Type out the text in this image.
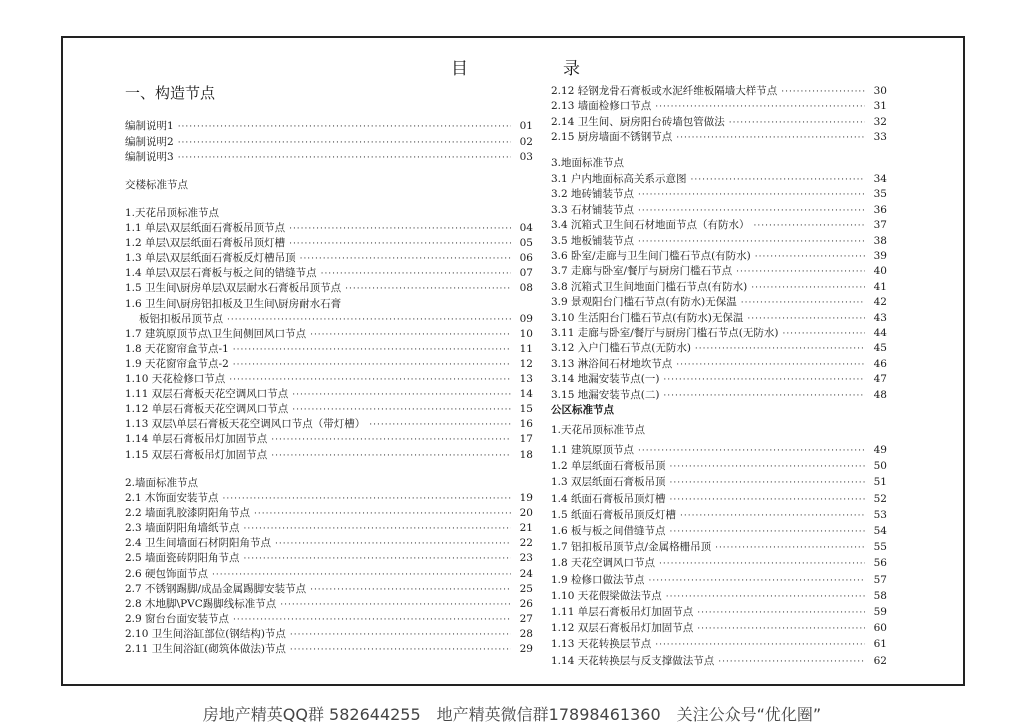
目	录
一、构造节点
编制说明1 ·····	01
编制说明2 ·····	02
编制说明3 ·····	03
交楼标准节点
1.天花吊顶标准节点
1.1 单层\双层纸面石膏板吊顶节点 ·····	04
1.2 单层\双层纸面石膏板吊顶灯槽 ·····	05
1.3 单层\双层纸面石膏板反灯槽吊顶 ·····	06
1.4 单层\双层石膏板与板之间的错缝节点 ·····	07
1.5 卫生间\厨房单层\双层耐水石膏板吊顶节点 ·····	08
1.6 卫生间\厨房铝扣板及卫生间\厨房耐水石膏
板铝扣板吊顶节点 ·····	09
1.7 建筑原顶节点\卫生间侧回风口节点 ·····	10
1.8 天花窗帘盒节点-1 ·····	11
1.9 天花窗帘盒节点-2 ·····	12
1.10 天花检修口节点 ·····	13
1.11 双层石膏板天花空调风口节点 ·····	14
1.12 单层石膏板天花空调风口节点 ·····	15
1.13 双层\单层石膏板天花空调风口节点（带灯槽） ·····	16
1.14 单层石膏板吊灯加固节点 ·····	17
1.15 双层石膏板吊灯加固节点 ·····	18
2.墙面标准节点
2.1 木饰面安装节点 ·····	19
2.2 墙面乳胶漆阴阳角节点 ·····	20
2.3 墙面阴阳角墙纸节点 ·····	21
2.4 卫生间墙面石材阴阳角节点 ·····	22
2.5 墙面瓷砖阴阳角节点 ·····	23
2.6 硬包饰面节点 ·····	24
2.7 不锈钢踢脚/成品金属踢脚安装节点 ·····	25
2.8 木地脚\PVC踢脚线标准节点 ·····	26
2.9 窗台台面安装节点 ·····	27
2.10 卫生间浴缸部位(钢结构)节点 ·····	28
2.11 卫生间浴缸(砌筑体做法)节点 ·····	29
2.12 轻钢龙骨石膏板或水泥纤维板隔墙大样节点 ·····	30
2.13 墙面检修口节点 ·····	31
2.14 卫生间、厨房阳台砖墙包管做法 ·····	32
2.15 厨房墙面不锈钢节点 ·····	33
3.地面标准节点
3.1 户内地面标高关系示意图 ·····	34
3.2 地砖铺装节点 ·····	35
3.3 石材铺装节点 ·····	36
3.4 沉箱式卫生间石材地面节点（有防水） ·····	37
3.5 地板铺装节点 ·····	38
3.6 卧室/走廊与卫生间门槛石节点(有防水) ·····	39
3.7 走廊与卧室/餐厅与厨房门槛石节点 ·····	40
3.8 沉箱式卫生间地面门槛石节点(有防水) ·····	41
3.9 景观阳台门槛石节点(有防水)无保温 ·····	42
3.10 生活阳台门槛石节点(有防水)无保温 ·····	43
3.11 走廊与卧室/餐厅与厨房门槛石节点(无防水) ·····	44
3.12 入户门槛石节点(无防水) ·····	45
3.13 淋浴间石材地坎节点 ·····	46
3.14 地漏安装节点(一) ·····	47
3.15 地漏安装节点(二) ·····	48
公区标准节点
1.天花吊顶标准节点
1.1 建筑原顶节点 ·····	49
1.2 单层纸面石膏板吊顶 ·····	50
1.3 双层纸面石膏板吊顶 ·····	51
1.4 纸面石膏板吊顶灯槽 ·····	52
1.5 纸面石膏板吊顶反灯槽 ·····	53
1.6 板与板之间借缝节点 ·····	54
1.7 铝扣板吊顶节点/金属格栅吊顶 ·····	55
1.8 天花空调风口节点 ·····	56
1.9 检修口做法节点 ·····	57
1.10 天花假梁做法节点 ·····	58
1.11 单层石膏板吊灯加固节点 ·····	59
1.12 双层石膏板吊灯加固节点 ·····	60
1.13 天花转换层节点 ·····	61
1.14 天花转换层与反支撑做法节点 ·····	62
房地产精英QQ群 582644255　地产精英微信群17898461360　关注公众号“优化圈”
